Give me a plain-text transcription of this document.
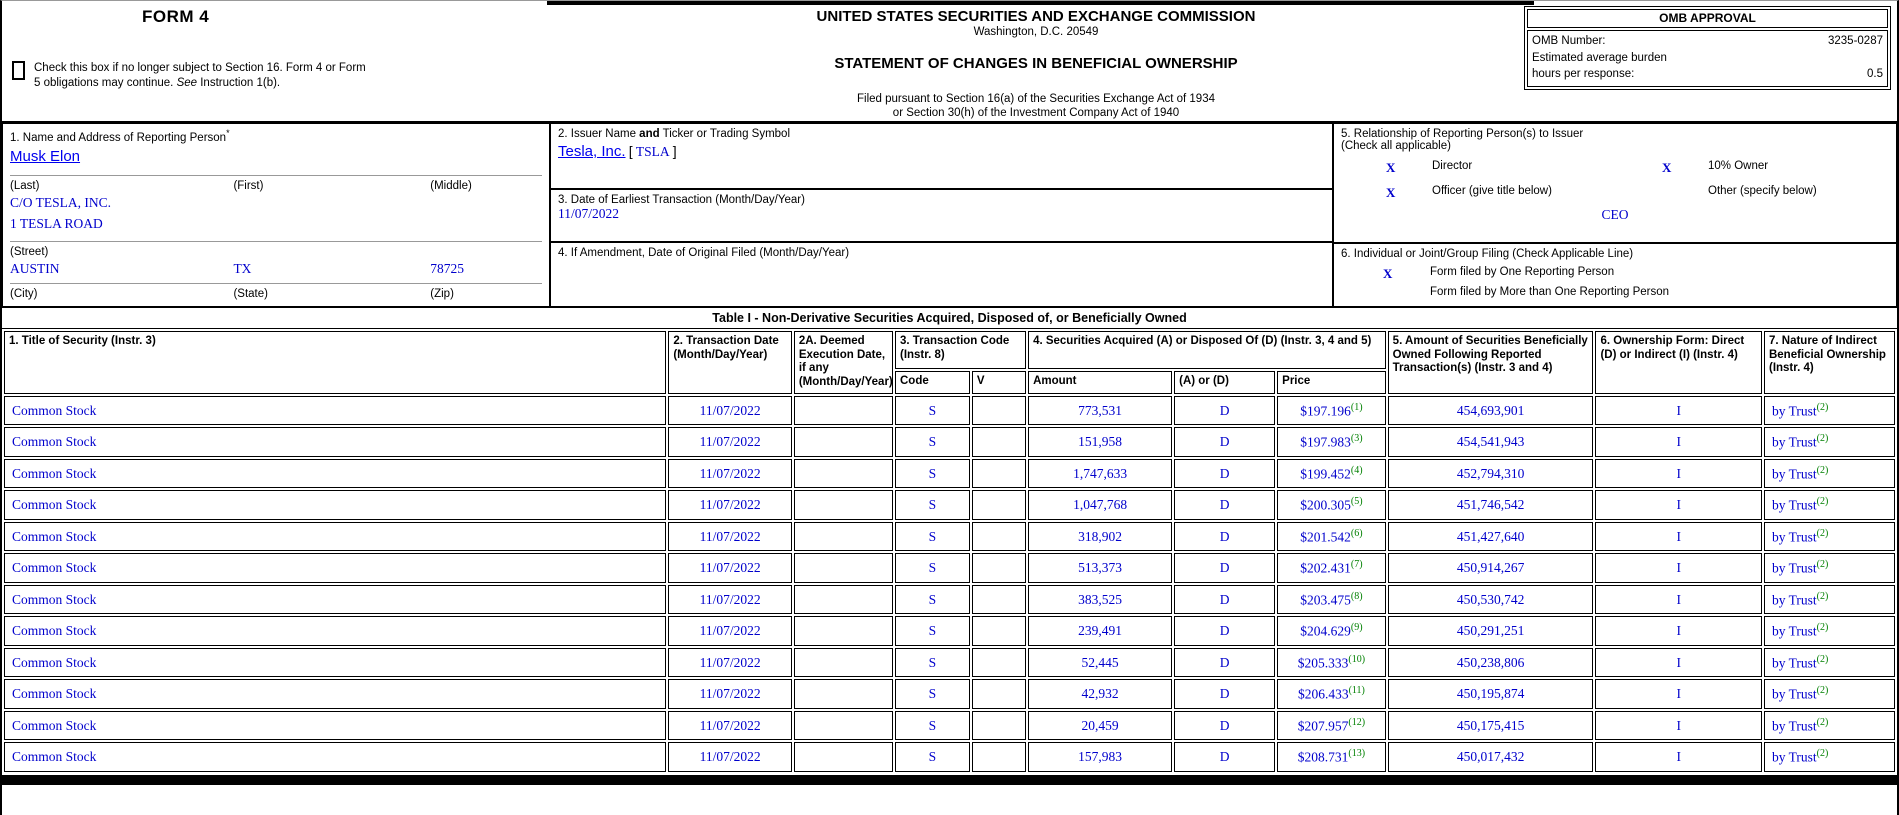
FORM 4
Check this box if no longer subject to Section 16. Form 4 or Form
5 obligations may continue. See Instruction 1(b).
UNITED STATES SECURITIES AND EXCHANGE COMMISSION
Washington, D.C. 20549
STATEMENT OF CHANGES IN BENEFICIAL OWNERSHIP
Filed pursuant to Section 16(a) of the Securities Exchange Act of 1934
or Section 30(h) of the Investment Company Act of 1940
OMB APPROVAL
OMB Number:	3235-0287
Estimated average burden
hours per response:	0.5
1. Name and Address of Reporting Person*
Musk Elon
(Last)	(First)	(Middle)
C/O TESLA, INC.
1 TESLA ROAD
(Street)
AUSTIN	TX	78725
(City)	(State)	(Zip)
2. Issuer Name and Ticker or Trading Symbol
Tesla, Inc. [ TSLA ]
3. Date of Earliest Transaction (Month/Day/Year)
11/07/2022
4. If Amendment, Date of Original Filed (Month/Day/Year)
5. Relationship of Reporting Person(s) to Issuer
(Check all applicable)
X	Director	X	10% Owner
X	Officer (give title below)	Other (specify below)
CEO
6. Individual or Joint/Group Filing (Check Applicable Line)
X	Form filed by One Reporting Person
Form filed by More than One Reporting Person
Table I - Non-Derivative Securities Acquired, Disposed of, or Beneficially Owned
1. Title of Security (Instr. 3)	2. Transaction Date (Month/Day/Year)	2A. Deemed Execution Date, if any (Month/Day/Year)	3. Transaction Code (Instr. 8)		4. Securities Acquired (A) or Disposed Of (D) (Instr. 3, 4 and 5)			5. Amount of Securities Beneficially Owned Following Reported Transaction(s) (Instr. 3 and 4)	6. Ownership Form: Direct (D) or Indirect (I) (Instr. 4)	7. Nature of Indirect Beneficial Ownership (Instr. 4)
			Code	V	Amount	(A) or (D)	Price			
Common Stock	11/07/2022		S		773,531	D	$197.196$^{(1)}$	454,693,901	I	by Trust$^{(2)}$
Common Stock	11/07/2022		S		151,958	D	$197.983$^{(3)}$	454,541,943	I	by Trust$^{(2)}$
Common Stock	11/07/2022		S		1,747,633	D	$199.452$^{(4)}$	452,794,310	I	by Trust$^{(2)}$
Common Stock	11/07/2022		S		1,047,768	D	$200.305$^{(5)}$	451,746,542	I	by Trust$^{(2)}$
Common Stock	11/07/2022		S		318,902	D	$201.542$^{(6)}$	451,427,640	I	by Trust$^{(2)}$
Common Stock	11/07/2022		S		513,373	D	$202.431$^{(7)}$	450,914,267	I	by Trust$^{(2)}$
Common Stock	11/07/2022		S		383,525	D	$203.475$^{(8)}$	450,530,742	I	by Trust$^{(2)}$
Common Stock	11/07/2022		S		239,491	D	$204.629$^{(9)}$	450,291,251	I	by Trust$^{(2)}$
Common Stock	11/07/2022		S		52,445	D	$205.333$^{(10)}$	450,238,806	I	by Trust$^{(2)}$
Common Stock	11/07/2022		S		42,932	D	$206.433$^{(11)}$	450,195,874	I	by Trust$^{(2)}$
Common Stock	11/07/2022		S		20,459	D	$207.957$^{(12)}$	450,175,415	I	by Trust$^{(2)}$
Common Stock	11/07/2022		S		157,983	D	$208.731$^{(13)}$	450,017,432	I	by Trust$^{(2)}$
